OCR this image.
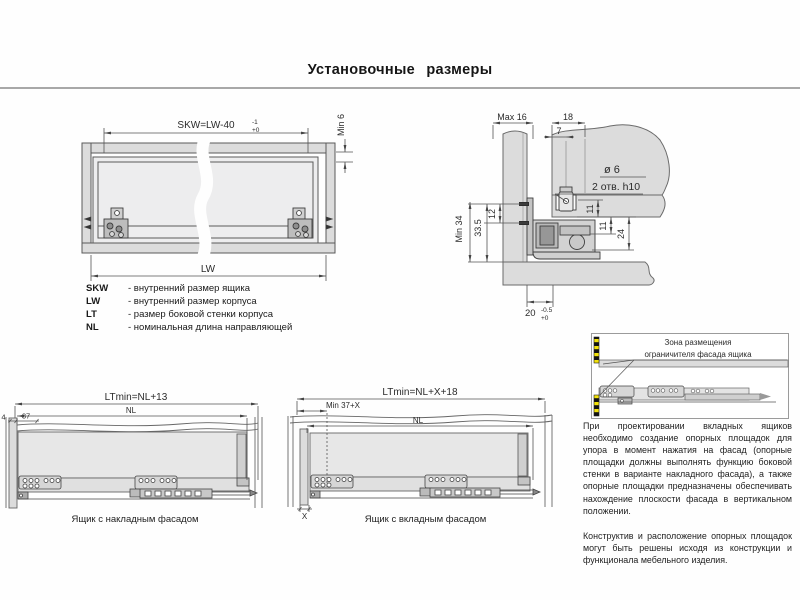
Установочные размеры
SKW=LW-40	-1
+0	Min 6
LW
SKW	- внутренний размер ящика
LW	- внутренний размер корпуса
LT	- размер боковой стенки корпуса
NL	- номинальная длина направляющей
Max 16	18
7
ø 6
2 отв. h10
Min 34 33.5
12	11
11
24
20 -0.5
+0
LTmin=NL+13
NL
4 37
Ящик с накладным фасадом
LTmin=NL+X+18
Min 37+X
NL
X	Ящик с вкладным фасадом
Зона размещения
ограничителя фасада ящика

При проектировании вкладных ящиков необходимо создание опорных площадок для упора в момент нажатия на фасад (опорные площадки должны выполнять функцию боковой стенки в варианте накладного фасада), а также опорные площадки предназначены обеспечивать нахождение плоскости фасада в вертикальном положении.

Конструктив и расположение опорных площадок могут быть решены исходя из конструкции и функционала мебельного изделия.
